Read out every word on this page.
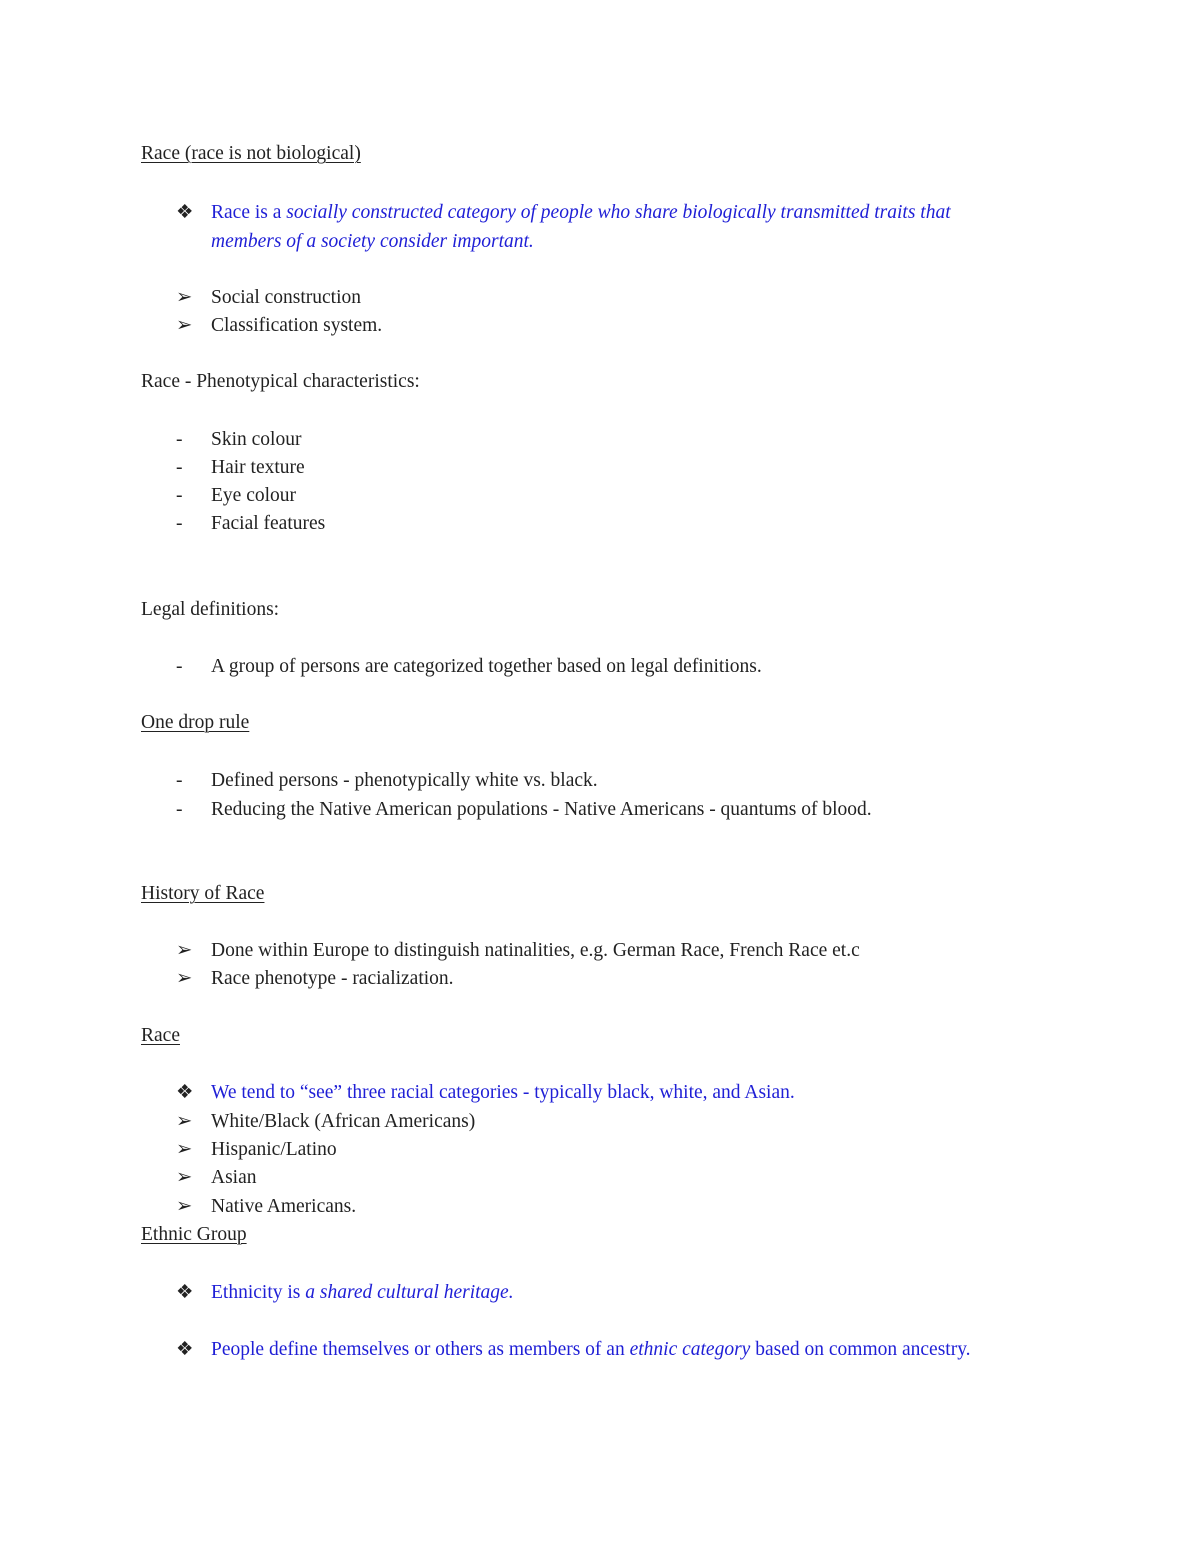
Race (race is not biological)
❖ Race is a socially constructed category of people who share biologically transmitted traits that
members of a society consider important.
➢ Social construction
➢ Classification system.
Race - Phenotypical characteristics:
-	Skin colour
-	Hair texture
-	Eye colour
-	Facial features
Legal definitions:
-	A group of persons are categorized together based on legal definitions.
One drop rule
-	Defined persons - phenotypically white vs. black.
-	Reducing the Native American populations - Native Americans - quantums of blood.
History of Race
➢ Done within Europe to distinguish natinalities, e.g. German Race, French Race et.c
➢ Race phenotype - racialization.
Race
❖ We tend to “see” three racial categories - typically black, white, and Asian.
➢ White/Black (African Americans)
➢ Hispanic/Latino
➢ Asian
➢ Native Americans.
Ethnic Group
❖ Ethnicity is a shared cultural heritage.
❖ People define themselves or others as members of an ethnic category based on common ancestry.
